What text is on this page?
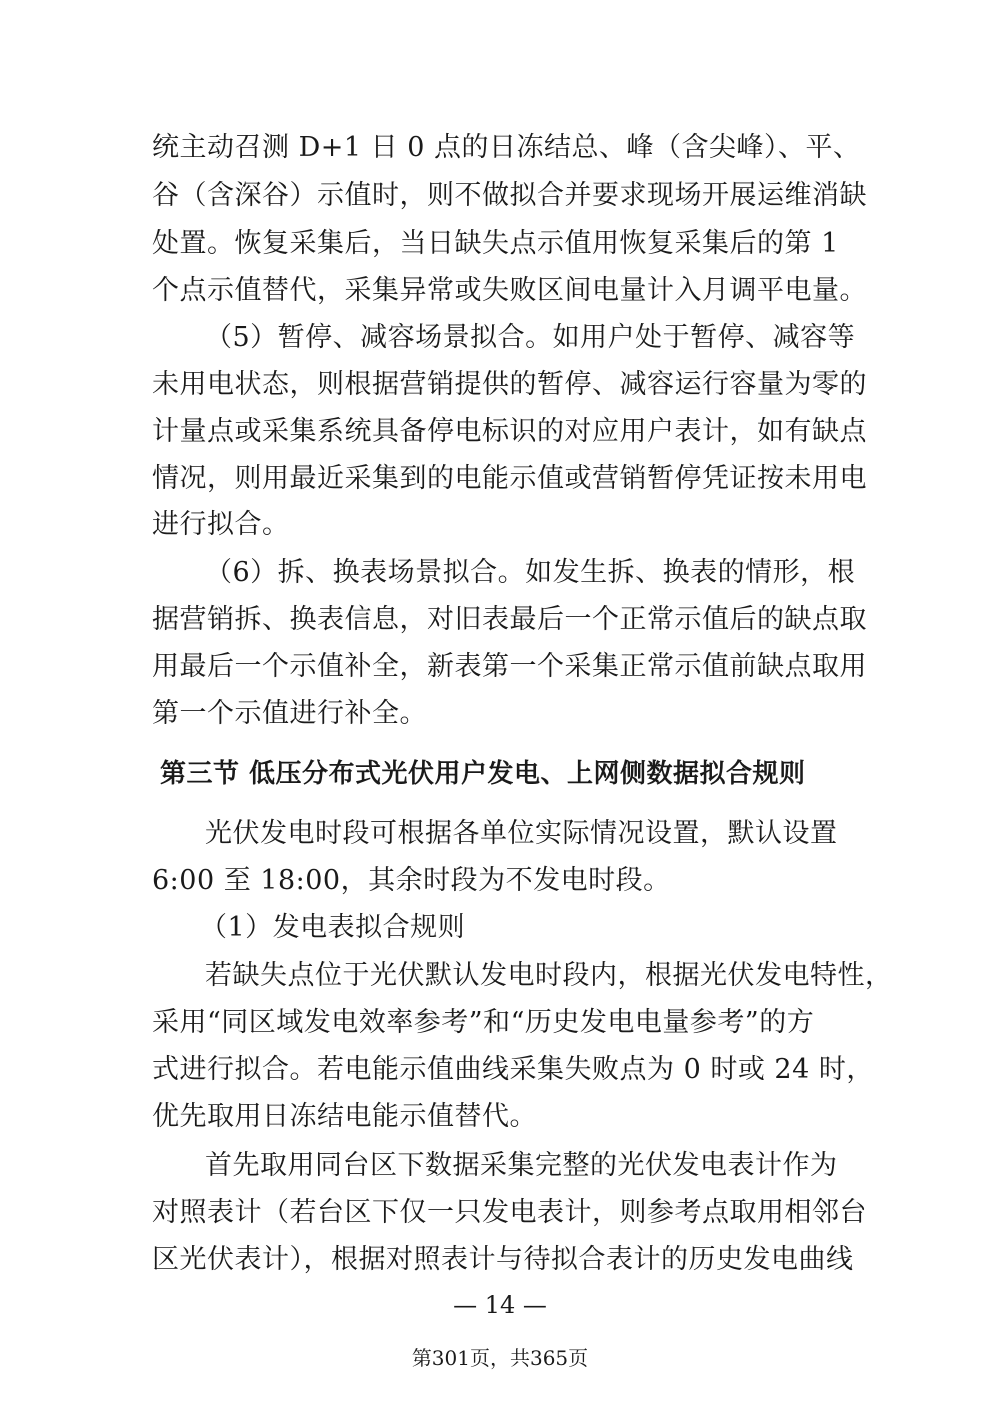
统主动召测 D+1 日 0 点的日冻结总、峰（含尖峰）、平、
谷（含深谷）示值时，则不做拟合并要求现场开展运维消缺
处置。恢复采集后，当日缺失点示值用恢复采集后的第 1
个点示值替代，采集异常或失败区间电量计入月调平电量。
（5）暂停、减容场景拟合。如用户处于暂停、减容等
未用电状态，则根据营销提供的暂停、减容运行容量为零的
计量点或采集系统具备停电标识的对应用户表计，如有缺点
情况，则用最近采集到的电能示值或营销暂停凭证按未用电
进行拟合。
（6）拆、换表场景拟合。如发生拆、换表的情形，根
据营销拆、换表信息，对旧表最后一个正常示值后的缺点取
用最后一个示值补全，新表第一个采集正常示值前缺点取用
第一个示值进行补全。
第三节 低压分布式光伏用户发电、上网侧数据拟合规则
光伏发电时段可根据各单位实际情况设置，默认设置
6:00 至 18:00，其余时段为不发电时段。
（1）发电表拟合规则
若缺失点位于光伏默认发电时段内，根据光伏发电特性，
采用“同区域发电效率参考”和“历史发电电量参考”的方
式进行拟合。若电能示值曲线采集失败点为 0 时或 24 时，
优先取用日冻结电能示值替代。
首先取用同台区下数据采集完整的光伏发电表计作为
对照表计（若台区下仅一只发电表计，则参考点取用相邻台
区光伏表计），根据对照表计与待拟合表计的历史发电曲线
— 14 —
第301页，共365页
